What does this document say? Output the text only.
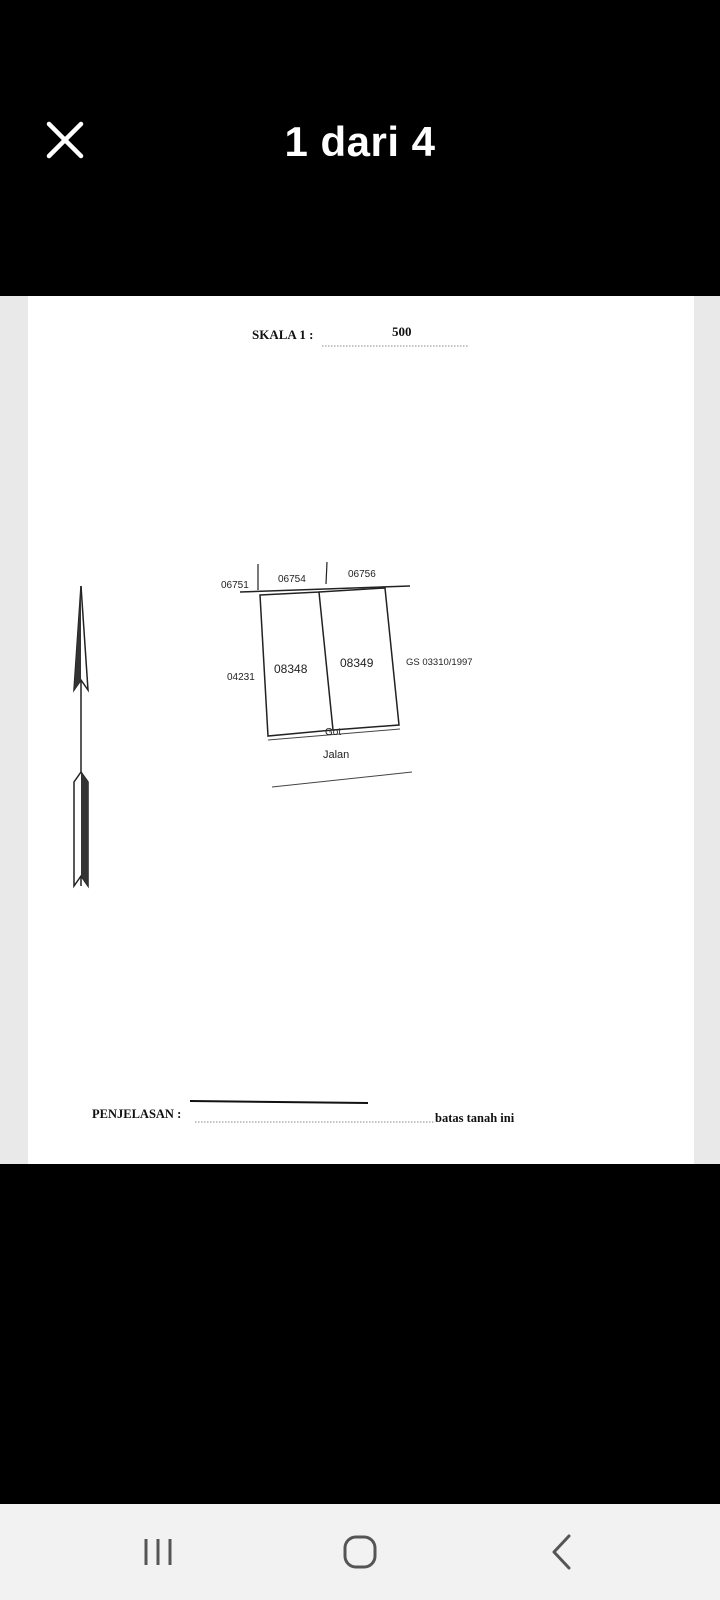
1 dari 4
SKALA 1 :	500
06751
06754	06756
04231
08348	08349	GS 03310/1997
Got
Jalan
PENJELASAN :	batas tanah ini
